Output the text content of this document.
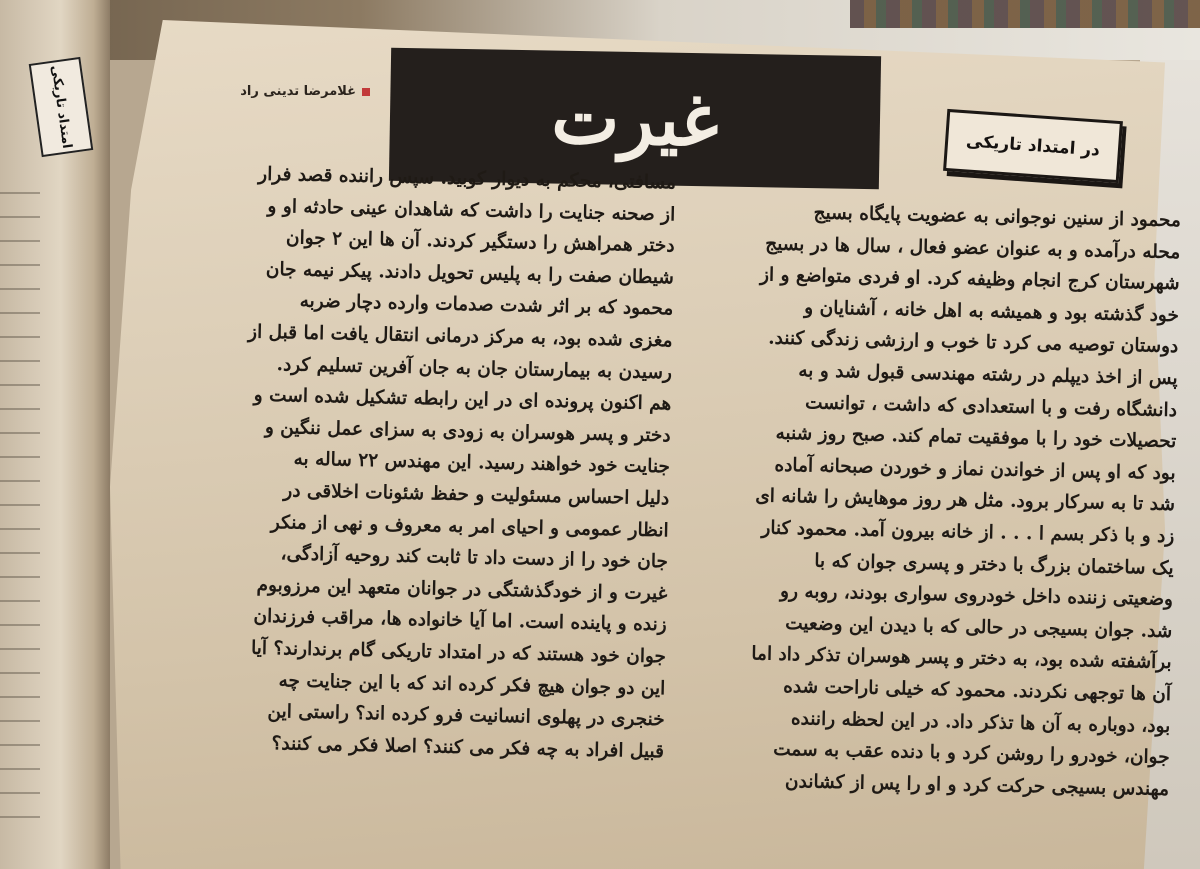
امتداد تاریکی	غیرت
غلامرضا تدینی راد
در امتداد تاریکی

محمود از سنین نوجوانی به عضویت پایگاه بسیج

محله درآمده و به عنوان عضو فعال ، سال ها در بسیج

شهرستان کرج انجام وظیفه کرد. او فردی متواضع و از

خود گذشته بود و همیشه به اهل خانه ، آشنایان و

دوستان توصیه می کرد تا خوب و ارزشی زندگی کنند.

پس از اخذ دیپلم در رشته مهندسی قبول شد و به

دانشگاه رفت و با استعدادی که داشت ، توانست

تحصیلات خود را با موفقیت تمام کند. صبح روز شنبه

بود که او پس از خواندن نماز و خوردن صبحانه آماده

شد تا به سرکار برود. مثل هر روز موهایش را شانه ای

زد و با ذکر بسم ا . . . از خانه بیرون آمد. محمود کنار

یک ساختمان بزرگ با دختر و پسری جوان که با

وضعیتی زننده داخل خودروی سواری بودند، روبه رو

شد. جوان بسیجی در حالی که با دیدن این وضعیت

برآشفته شده بود، به دختر و پسر هوسران تذکر داد اما

آن ها توجهی نکردند. محمود که خیلی ناراحت شده

بود، دوباره به آن ها تذکر داد. در این لحظه راننده

جوان، خودرو را روشن کرد و با دنده عقب به سمت

مهندس بسیجی حرکت کرد و او را پس از کشاندن

مسافتی، محکم به دیوار کوبید. سپس راننده قصد فرار

از صحنه جنایت را داشت که شاهدان عینی حادثه او و

دختر همراهش را دستگیر کردند. آن ها این ۲ جوان

شیطان صفت را به پلیس تحویل دادند. پیکر نیمه جان

محمود که بر اثر شدت صدمات وارده دچار ضربه

مغزی شده بود، به مرکز درمانی انتقال یافت اما قبل از

رسیدن به بیمارستان جان به جان آفرین تسلیم کرد.

هم اکنون پرونده ای در این رابطه تشکیل شده است و

دختر و پسر هوسران به زودی به سزای عمل ننگین و

جنایت خود خواهند رسید. این مهندس ۲۲ ساله به

دلیل احساس مسئولیت و حفظ شئونات اخلاقی در

انظار عمومی و احیای امر به معروف و نهی از منکر

جان خود را از دست داد تا ثابت کند روحیه آزادگی،

غیرت و از خودگذشتگی در جوانان متعهد این مرزوبوم

زنده و پاینده است. اما آیا خانواده ها، مراقب فرزندان

جوان خود هستند که در امتداد تاریکی گام برندارند؟ آیا

این دو جوان هیچ فکر کرده اند که با این جنایت چه

خنجری در پهلوی انسانیت فرو کرده اند؟ راستی این

قبیل افراد به چه فکر می کنند؟ اصلا فکر می کنند؟
